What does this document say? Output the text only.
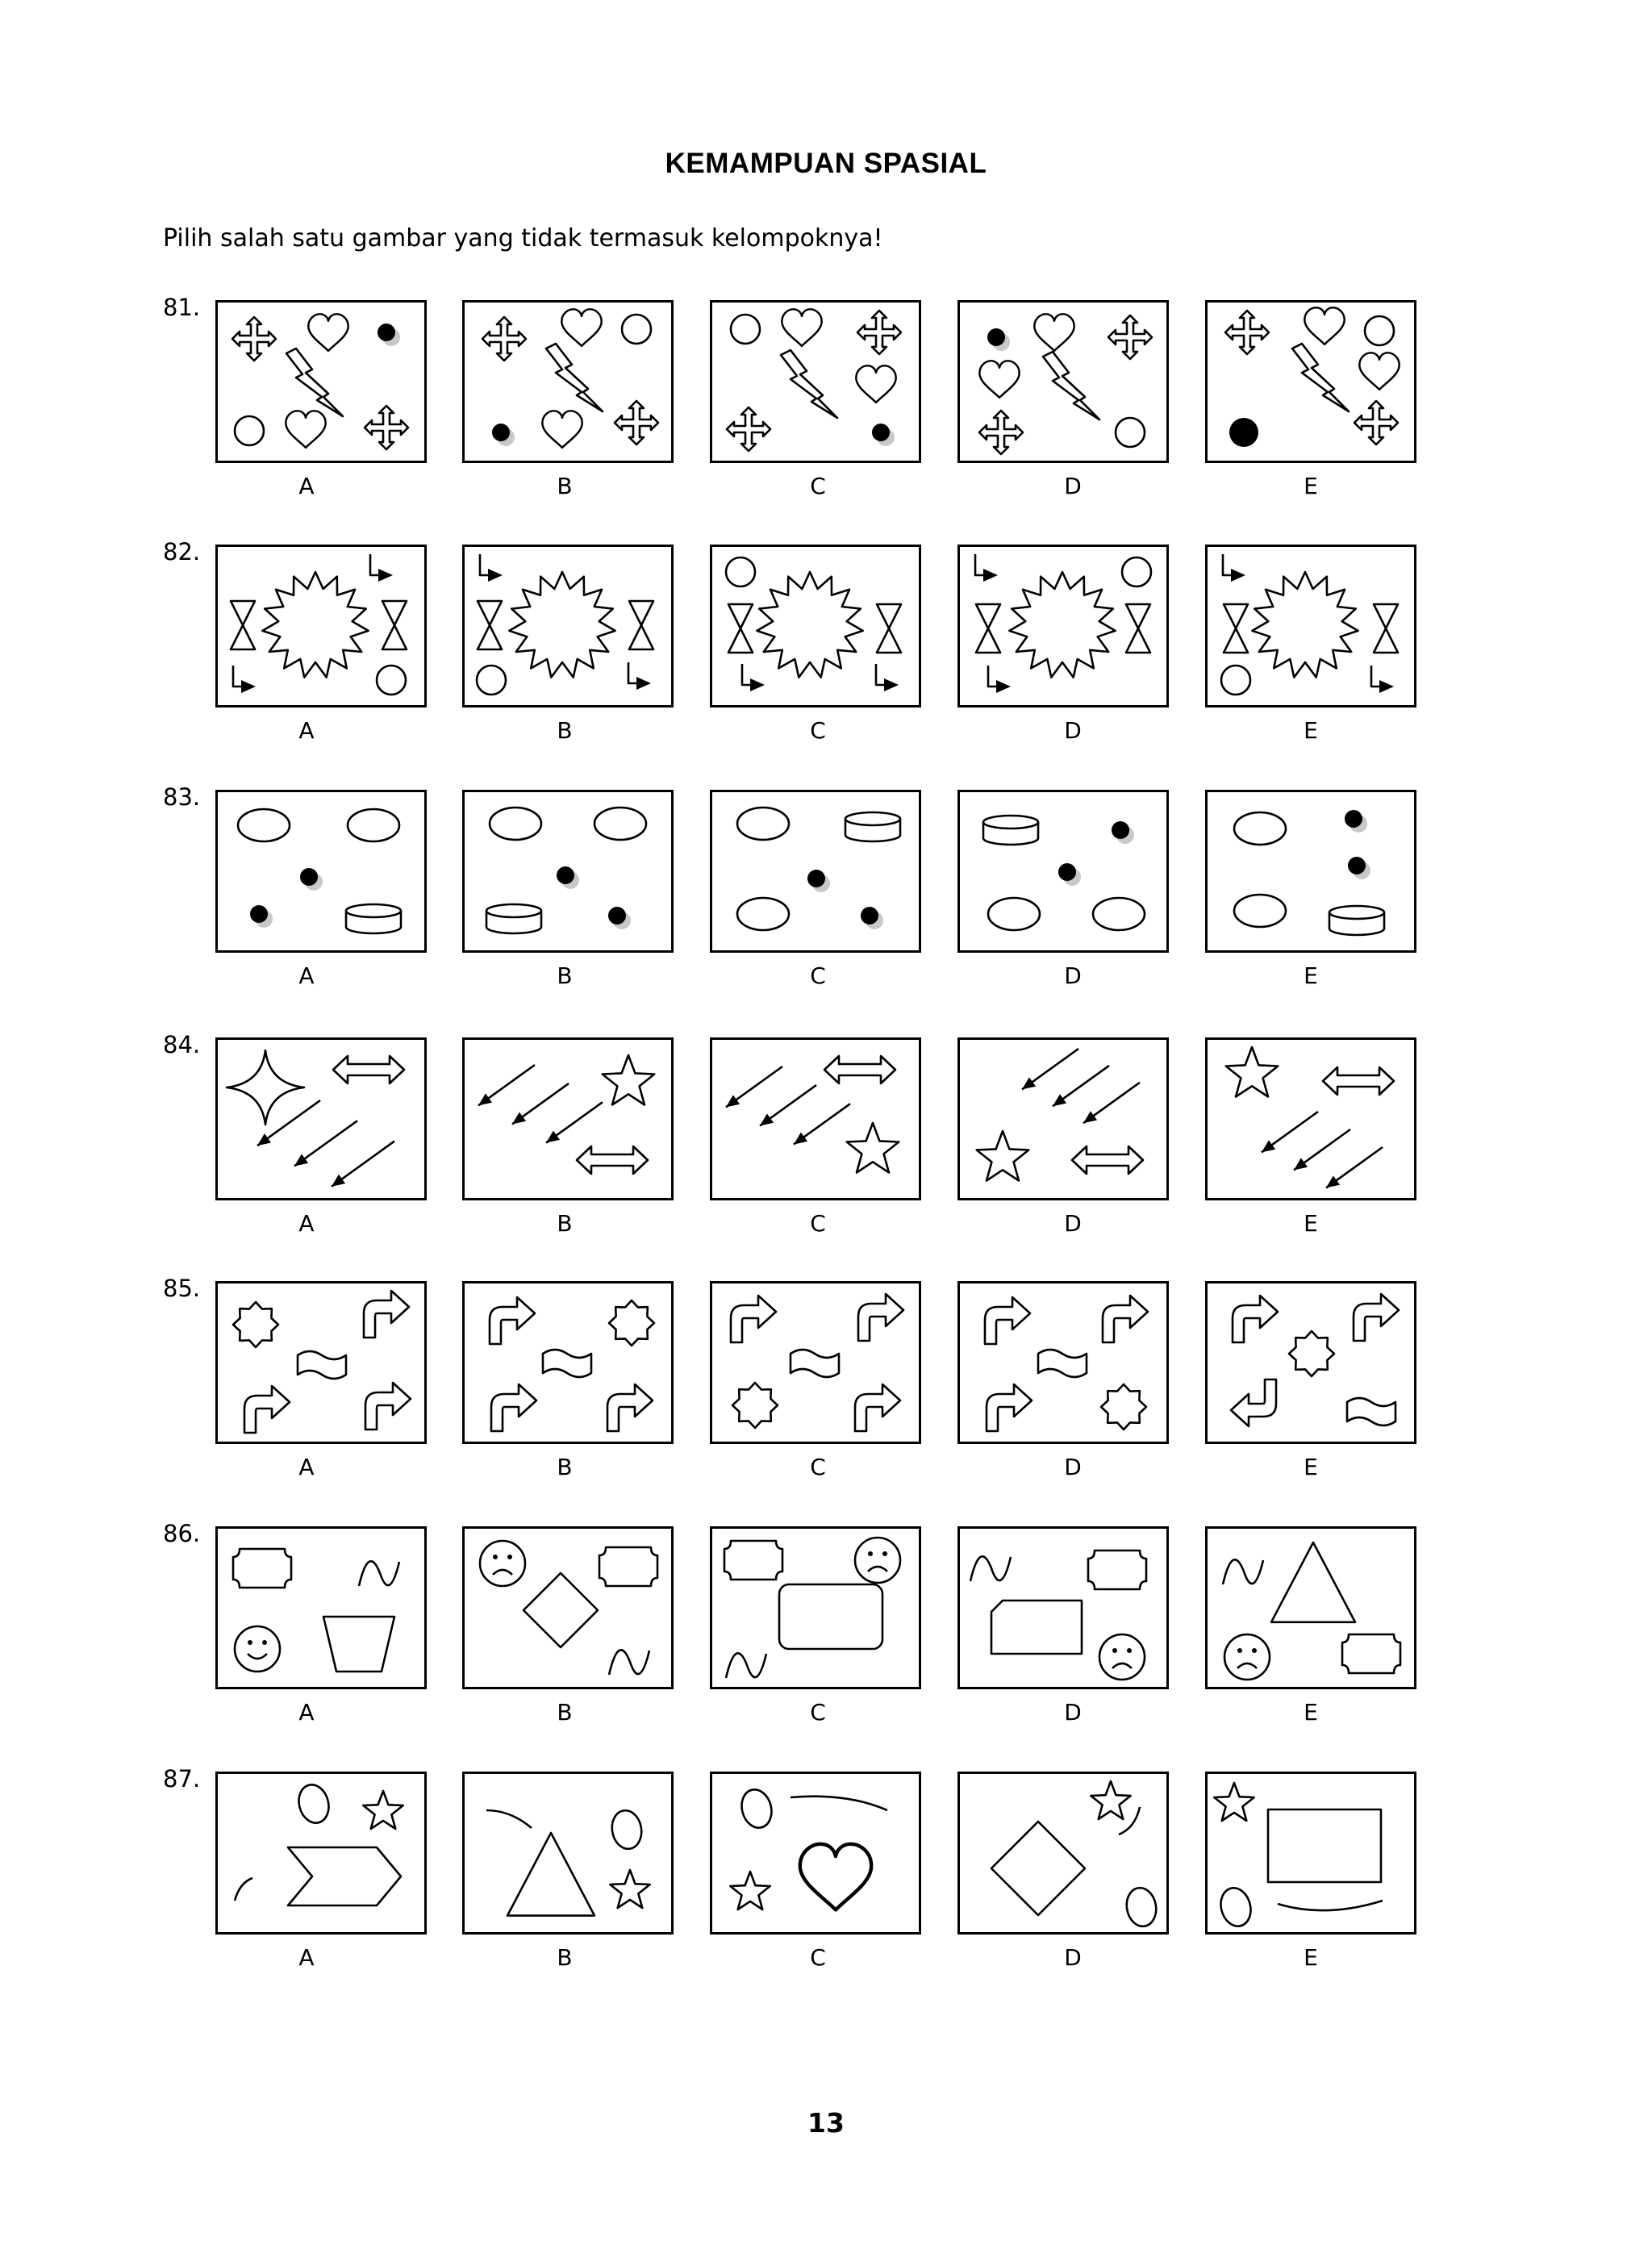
KEMAMPUAN SPASIAL
Pilih salah satu gambar yang tidak termasuk kelompoknya!
81.
A	B	C	D	E
82.
A	B	C	D	E
83.
A	B	C	D	E
84.
A	B	C	D	E
85.
A	B	C	D	E
86.
A	B	C	D	E
87.
A	B	C	D	E
13
